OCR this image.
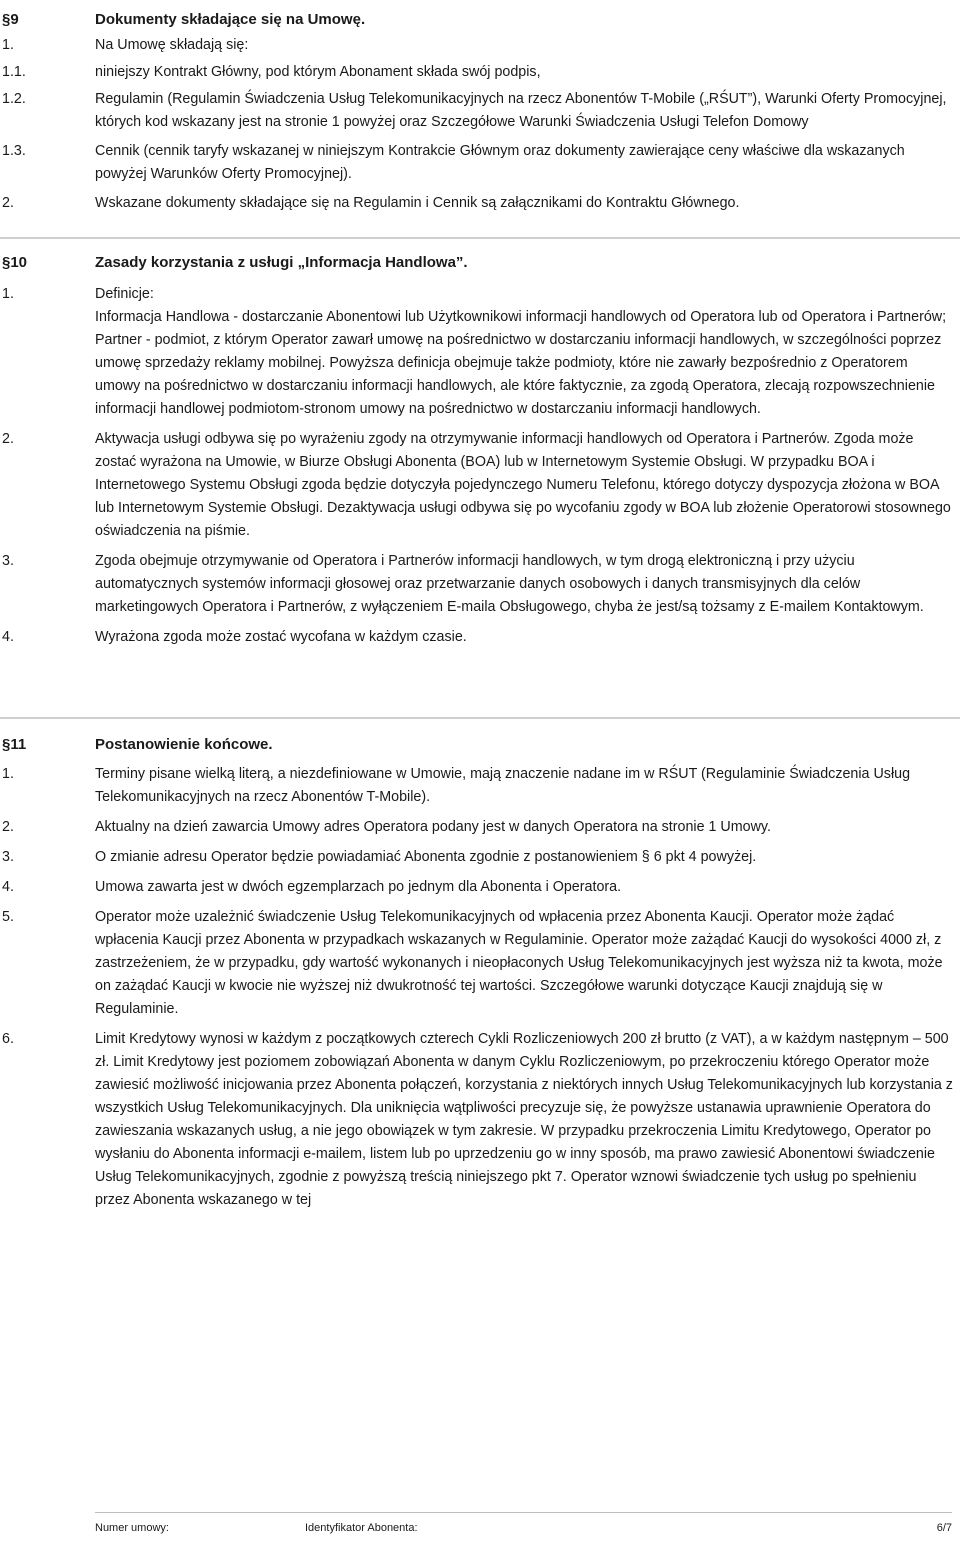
§9	Dokumenty składające się na Umowę.
1.	Na Umowę składają się:
1.1.	niniejszy Kontrakt Główny, pod którym Abonament składa swój podpis,
1.2.	Regulamin (Regulamin Świadczenia Usług Telekomunikacyjnych na rzecz Abonentów T-Mobile („RŚUT”), Warunki Oferty Promocyjnej, których kod wskazany jest na stronie 1 powyżej oraz Szczegółowe Warunki Świadczenia Usługi Telefon Domowy
1.3.	Cennik (cennik taryfy wskazanej w niniejszym Kontrakcie Głównym oraz dokumenty zawierające ceny właściwe dla wskazanych powyżej Warunków Oferty Promocyjnej).
2.	Wskazane dokumenty składające się na Regulamin i Cennik są załącznikami do Kontraktu Głównego.
§10	Zasady korzystania z usługi „Informacja Handlowa”.
1.	Definicje:
Informacja Handlowa - dostarczanie Abonentowi lub Użytkownikowi informacji handlowych od Operatora lub od Operatora i Partnerów;
Partner - podmiot, z którym Operator zawarł umowę na pośrednictwo w dostarczaniu informacji handlowych, w szczególności poprzez umowę sprzedaży reklamy mobilnej. Powyższa definicja obejmuje także podmioty, które nie zawarły bezpośrednio z Operatorem umowy na pośrednictwo w dostarczaniu informacji handlowych, ale które faktycznie, za zgodą Operatora, zlecają rozpowszechnienie informacji handlowej podmiotom-stronom umowy na pośrednictwo w dostarczaniu informacji handlowych.
2.	Aktywacja usługi odbywa się po wyrażeniu zgody na otrzymywanie informacji handlowych od Operatora i Partnerów. Zgoda może zostać wyrażona na Umowie, w Biurze Obsługi Abonenta (BOA) lub w Internetowym Systemie Obsługi. W przypadku BOA i Internetowego Systemu Obsługi zgoda będzie dotyczyła pojedynczego Numeru Telefonu, którego dotyczy dyspozycja złożona w BOA lub Internetowym Systemie Obsługi. Dezaktywacja usługi odbywa się po wycofaniu zgody w BOA lub złożenie Operatorowi stosownego oświadczenia na piśmie.
3.	Zgoda obejmuje otrzymywanie od Operatora i Partnerów informacji handlowych, w tym drogą elektroniczną i przy użyciu automatycznych systemów informacji głosowej oraz przetwarzanie danych osobowych i danych transmisyjnych dla celów marketingowych Operatora i Partnerów, z wyłączeniem E-maila Obsługowego, chyba że jest/są tożsamy z E-mailem Kontaktowym.
4.	Wyrażona zgoda może zostać wycofana w każdym czasie.
§11	Postanowienie końcowe.
1.	Terminy pisane wielką literą, a niezdefiniowane w Umowie, mają znaczenie nadane im w RŚUT (Regulaminie Świadczenia Usług Telekomunikacyjnych na rzecz Abonentów T-Mobile).
2.	Aktualny na dzień zawarcia Umowy adres Operatora podany jest w danych Operatora na stronie 1 Umowy.
3.	O zmianie adresu Operator będzie powiadamiać Abonenta zgodnie z postanowieniem § 6 pkt 4 powyżej.
4.	Umowa zawarta jest w dwóch egzemplarzach po jednym dla Abonenta i Operatora.
5.	Operator może uzależnić świadczenie Usług Telekomunikacyjnych od wpłacenia przez Abonenta Kaucji. Operator może żądać wpłacenia Kaucji przez Abonenta w przypadkach wskazanych w Regulaminie. Operator może zażądać Kaucji do wysokości 4000 zł, z zastrzeżeniem, że w przypadku, gdy wartość wykonanych i nieopłaconych Usług Telekomunikacyjnych jest wyższa niż ta kwota, może on zażądać Kaucji w kwocie nie wyższej niż dwukrotność tej wartości. Szczegółowe warunki dotyczące Kaucji znajdują się w Regulaminie.
6.	Limit Kredytowy wynosi w każdym z początkowych czterech Cykli Rozliczeniowych 200 zł brutto (z VAT), a w każdym następnym – 500 zł. Limit Kredytowy jest poziomem zobowiązań Abonenta w danym Cyklu Rozliczeniowym, po przekroczeniu którego Operator może zawiesić możliwość inicjowania przez Abonenta połączeń, korzystania z niektórych innych Usług Telekomunikacyjnych lub korzystania z wszystkich Usług Telekomunikacyjnych. Dla uniknięcia wątpliwości precyzuje się, że powyższe ustanawia uprawnienie Operatora do zawieszania wskazanych usług, a nie jego obowiązek w tym zakresie. W przypadku przekroczenia Limitu Kredytowego, Operator po wysłaniu do Abonenta informacji e-mailem, listem lub po uprzedzeniu go w inny sposób, ma prawo zawiesić Abonentowi świadczenie Usług Telekomunikacyjnych, zgodnie z powyższą treścią niniejszego pkt 7. Operator wznowi świadczenie tych usług po spełnieniu przez Abonenta wskazanego w tej
Numer umowy:	Identyfikator Abonenta:	6/7
